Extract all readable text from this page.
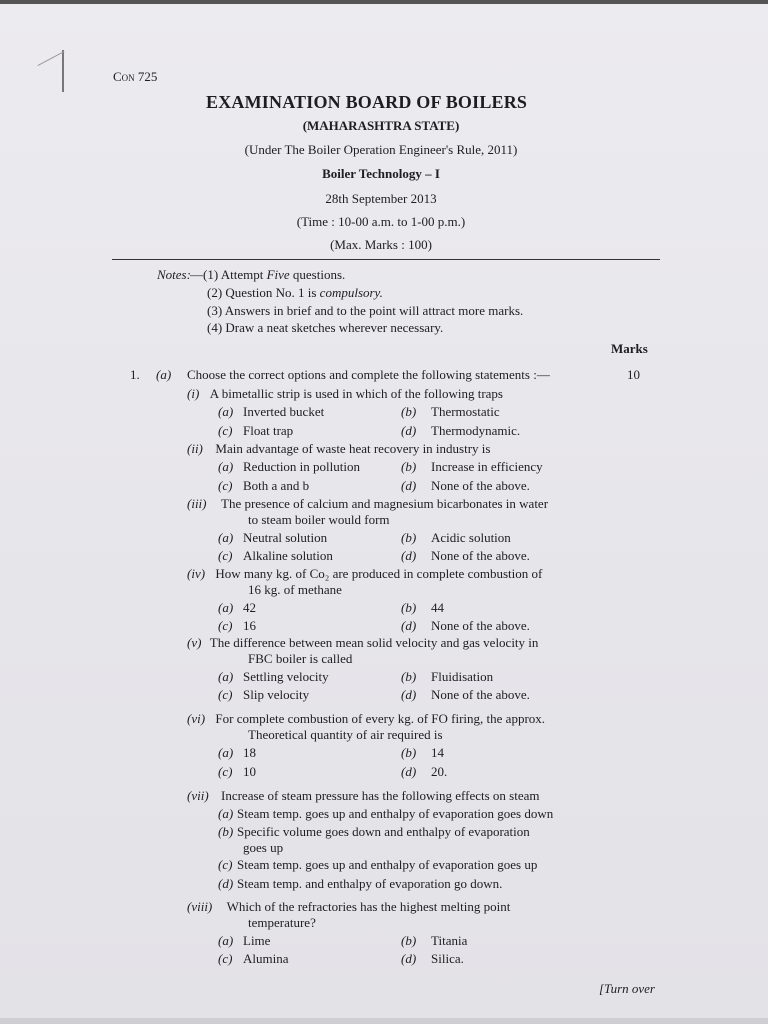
Con 725
EXAMINATION BOARD OF BOILERS
(MAHARASHTRA STATE)
(Under The Boiler Operation Engineer's Rule, 2011)
Boiler Technology – I
28th September 2013
(Time : 10-00 a.m. to 1-00 p.m.)
(Max. Marks : 100)
Notes: —(1) Attempt Five questions.
(2) Question No. 1 is compulsory.
(3) Answers in brief and to the point will attract more marks.
(4) Draw a neat sketches wherever necessary.
Marks
1. (a) Choose the correct options and complete the following statements :—	10
(i) A bimetallic strip is used in which of the following traps
(a) Inverted bucket	(b) Thermostatic
(c) Float trap	(d) Thermodynamic.
(ii) Main advantage of waste heat recovery in industry is
(a) Reduction in pollution	(b) Increase in efficiency
(c) Both a and b	(d) None of the above.
(iii) The presence of calcium and magnesium bicarbonates in water
to steam boiler would form
(a) Neutral solution	(b) Acidic solution
(c) Alkaline solution	(d) None of the above.
(iv) How many kg. of Co₂ are produced in complete combustion of
16 kg. of methane
(a) 42	(b) 44
(c) 16	(d) None of the above.
(v) The difference between mean solid velocity and gas velocity in
FBC boiler is called
(a) Settling velocity	(b) Fluidisation
(c) Slip velocity	(d) None of the above.
(vi) For complete combustion of every kg. of FO firing, the approx.
Theoretical quantity of air required is
(a) 18	(b) 14
(c) 10	(d) 20.
(vii) Increase of steam pressure has the following effects on steam
(a) Steam temp. goes up and enthalpy of evaporation goes down
(b) Specific volume goes down and enthalpy of evaporation
goes up
(c) Steam temp. goes up and enthalpy of evaporation goes up
(d) Steam temp. and enthalpy of evaporation go down.
(viii) Which of the refractories has the highest melting point
temperature?
(a) Lime	(b) Titania
(c) Alumina	(d) Silica.
[Turn over
